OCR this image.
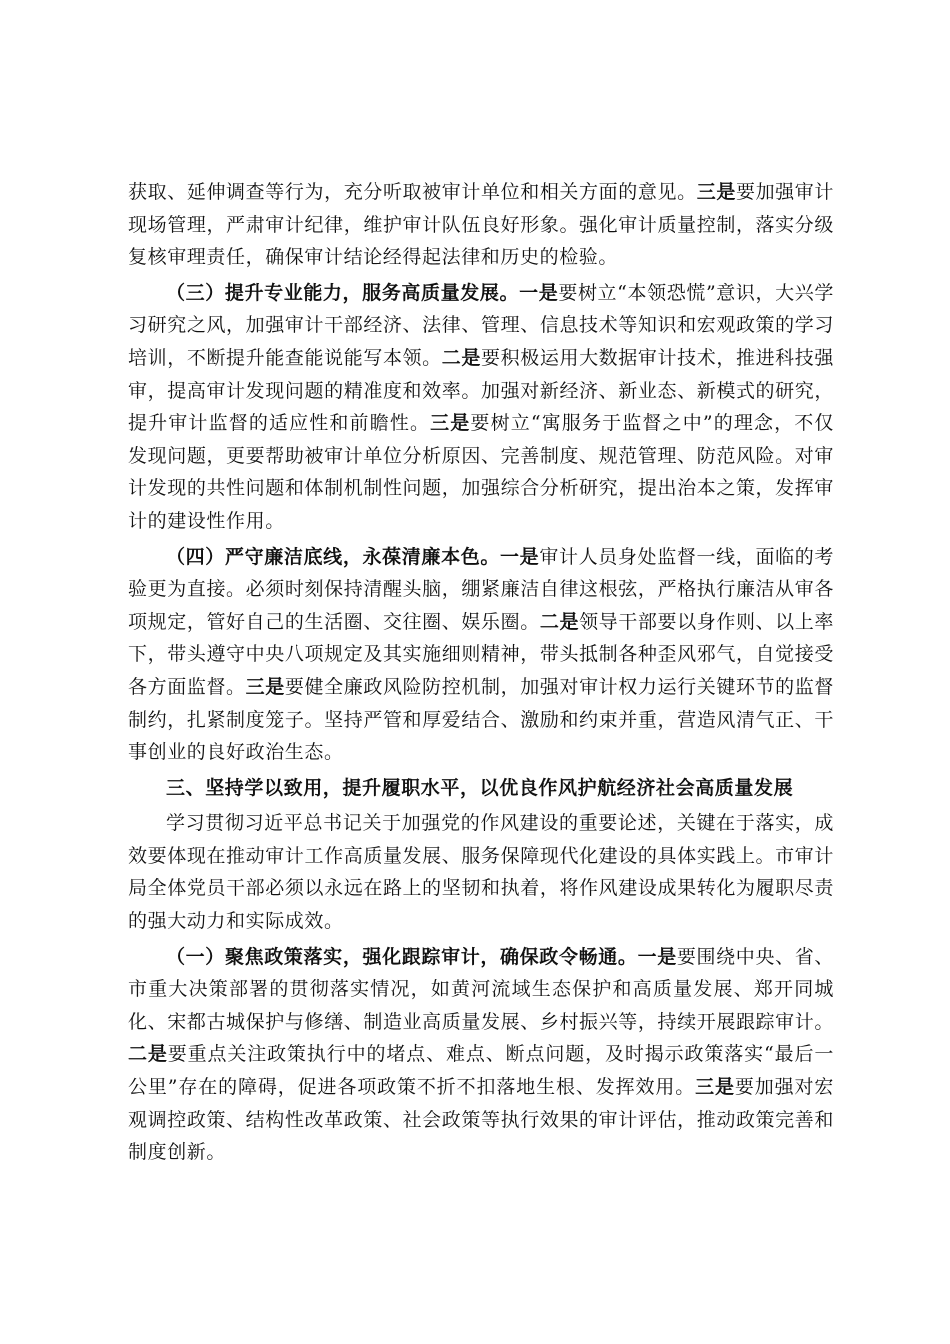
获取、延伸调查等行为，充分听取被审计单位和相关方面的意见。三是要加强审计现场管理，严肃审计纪律，维护审计队伍良好形象。强化审计质量控制，落实分级复核审理责任，确保审计结论经得起法律和历史的检验。

（三）提升专业能力，服务高质量发展。一是要树立“本领恐慌”意识，大兴学习研究之风，加强审计干部经济、法律、管理、信息技术等知识和宏观政策的学习培训，不断提升能查能说能写本领。二是要积极运用大数据审计技术，推进科技强审，提高审计发现问题的精准度和效率。加强对新经济、新业态、新模式的研究，提升审计监督的适应性和前瞻性。三是要树立“寓服务于监督之中”的理念，不仅发现问题，更要帮助被审计单位分析原因、完善制度、规范管理、防范风险。对审计发现的共性问题和体制机制性问题，加强综合分析研究，提出治本之策，发挥审计的建设性作用。

（四）严守廉洁底线，永葆清廉本色。一是审计人员身处监督一线，面临的考验更为直接。必须时刻保持清醒头脑，绷紧廉洁自律这根弦，严格执行廉洁从审各项规定，管好自己的生活圈、交往圈、娱乐圈。二是领导干部要以身作则、以上率下，带头遵守中央八项规定及其实施细则精神，带头抵制各种歪风邪气，自觉接受各方面监督。三是要健全廉政风险防控机制，加强对审计权力运行关键环节的监督制约，扎紧制度笼子。坚持严管和厚爱结合、激励和约束并重，营造风清气正、干事创业的良好政治生态。

三、坚持学以致用，提升履职水平，以优良作风护航经济社会高质量发展

学习贯彻习近平总书记关于加强党的作风建设的重要论述，关键在于落实，成效要体现在推动审计工作高质量发展、服务保障现代化建设的具体实践上。市审计局全体党员干部必须以永远在路上的坚韧和执着，将作风建设成果转化为履职尽责的强大动力和实际成效。

（一）聚焦政策落实，强化跟踪审计，确保政令畅通。一是要围绕中央、省、市重大决策部署的贯彻落实情况，如黄河流域生态保护和高质量发展、郑开同城化、宋都古城保护与修缮、制造业高质量发展、乡村振兴等，持续开展跟踪审计。二是要重点关注政策执行中的堵点、难点、断点问题，及时揭示政策落实“最后一公里”存在的障碍，促进各项政策不折不扣落地生根、发挥效用。三是要加强对宏观调控政策、结构性改革政策、社会政策等执行效果的审计评估，推动政策完善和制度创新。
